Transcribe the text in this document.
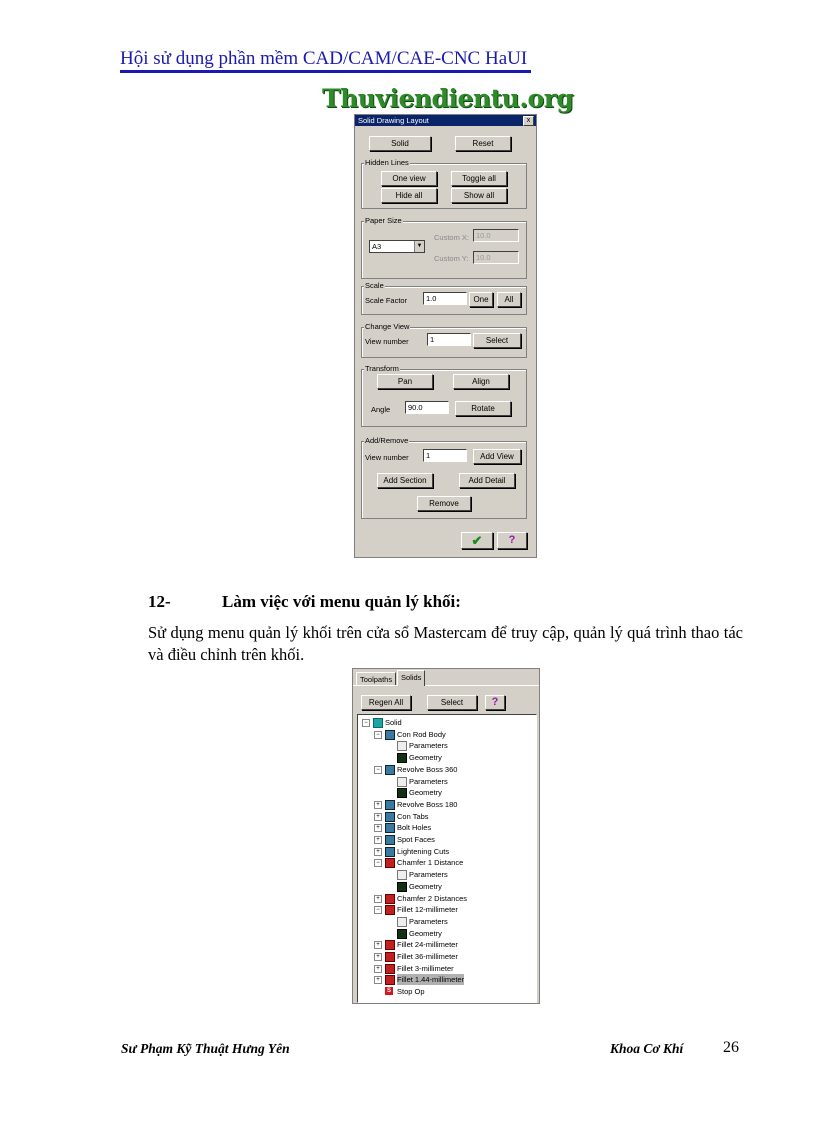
Hội sử dụng phần mềm CAD/CAM/CAE-CNC HaUI
Thuviendientu.org
Solid Drawing Layout	x
Solid	Reset
Hidden Lines
One view	Toggle all
Hide all	Show all
Paper Size
A3	▼
Custom X: 10.0
Custom Y:	10.0
Scale
Scale Factor	1.0	One	All
Change View
View number	1	Select
Transform
Pan	Align
Angle	90.0	Rotate
Add/Remove
View number	1	Add View
Add Section	Add Detail
Remove
✔	?
12-	Làm việc với menu quản lý khối:
Sử dụng menu quản lý khối trên cửa sổ Mastercam để truy cập, quản lý quá trình thao tác và điều chỉnh trên khối.
Toolpaths	Solids
Regen All	Select	?
−	Solid
−	Con Rod Body
Parameters
Geometry
−	Revolve Boss 360
Parameters
Geometry
+	Revolve Boss 180
+	Con Tabs
+	Bolt Holes
+	Spot Faces
+	Lightening Cuts
−	Chamfer 1 Distance
Parameters
Geometry
+	Chamfer 2 Distances
−	Fillet 12-millimeter
Parameters
Geometry
+	Fillet 24-millimeter
+	Fillet 36-millimeter
+	Fillet 3-millimeter
+	Fillet 1.44-millimeter
S Stop Op
Sư Phạm Kỹ Thuật Hưng Yên	Khoa Cơ Khí 26
